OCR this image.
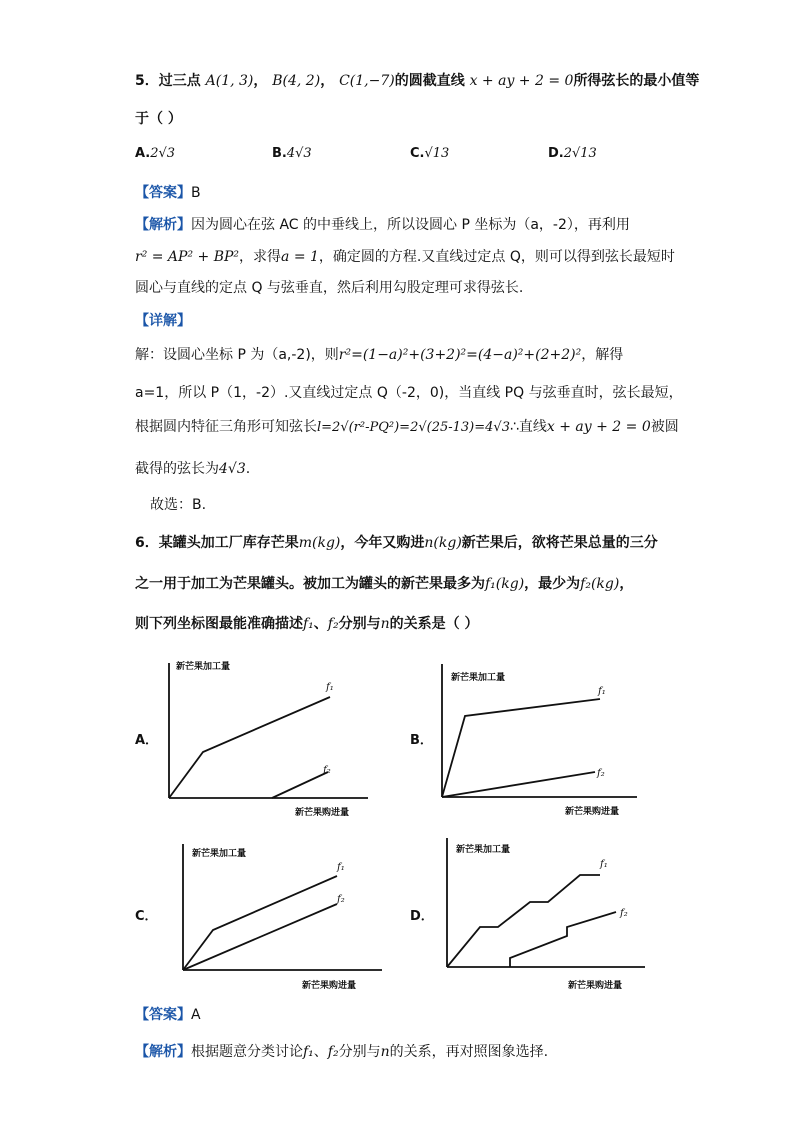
5．过三点 A(1, 3)， B(4, 2)， C(1,−7)的圆截直线 x + ay + 2 = 0所得弦长的最小值等
于（ ）
A.2√3	B.4√3	C.√13	D.2√13
【答案】B
【解析】因为圆心在弦 AC 的中垂线上，所以设圆心 P 坐标为（a，-2），再利用
r² = AP² + BP²，求得a = 1，确定圆的方程.又直线过定点 Q，则可以得到弦长最短时
圆心与直线的定点 Q 与弦垂直，然后利用勾股定理可求得弦长.
【详解】
解：设圆心坐标 P 为（a,-2)，则r²=(1−a)²+(3+2)²=(4−a)²+(2+2)²，解得
a=1，所以 P（1，-2）.又直线过定点 Q（-2，0)，当直线 PQ 与弦垂直时，弦长最短，
根据圆内特征三角形可知弦长l=2√(r²-PQ²)=2√(25-13)=4√3∴直线x + ay + 2 = 0被圆
截得的弦长为4√3.
故选：B.
6．某罐头加工厂库存芒果m(kg)，今年又购进n(kg)新芒果后，欲将芒果总量的三分
之一用于加工为芒果罐头。被加工为罐头的新芒果最多为f₁(kg)，最少为f₂(kg)，
则下列坐标图最能准确描述f₁、f₂分别与n的关系是（ ）
A．	B．
C．	D．
新芒果加工量
新芒果购进量
f₁
f₂
新芒果加工量
新芒果购进量
f₁
f₂
新芒果加工量
新芒果购进量
f₁
f₂
新芒果加工量
新芒果购进量
f₁
f₂
【答案】A
【解析】根据题意分类讨论f₁、f₂分别与n的关系，再对照图象选择.
